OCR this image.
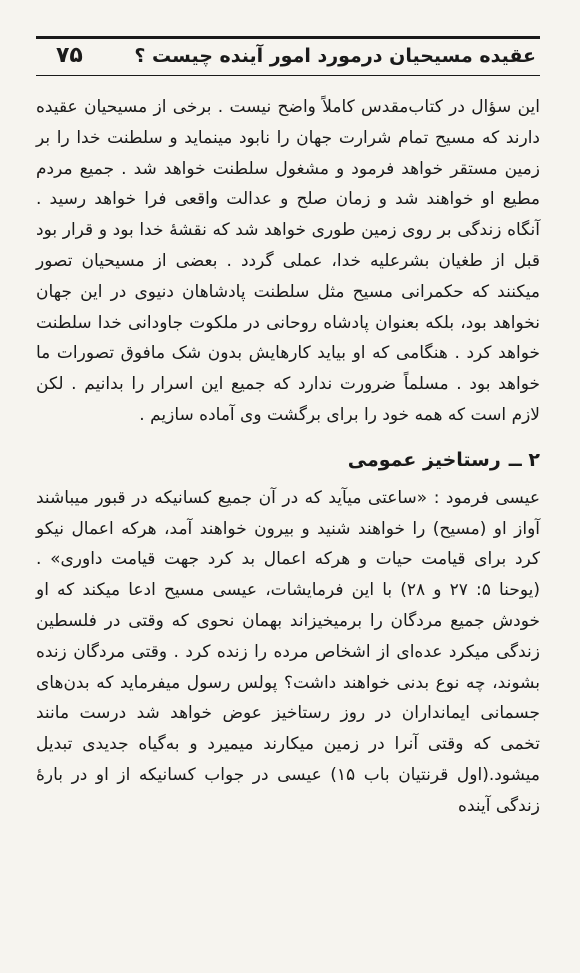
عقیده مسیحیان درمورد امور آینده چیست ؟
۷۵

این سؤال در کتاب‌مقدس کاملاً واضح نیست . برخی از مسیحیان عقیده دارند که مسیح تمام شرارت جهان را نابود مینماید و سلطنت خدا را بر زمین مستقر خواهد فرمود و مشغول سلطنت خواهد شد . جمیع مردم مطیع او خواهند شد و زمان صلح و عدالت واقعی فرا خواهد رسید . آنگاه زندگی بر روی زمین طوری خواهد شد که نقشهٔ خدا بود و قرار بود قبل از طغیان بشرعلیه خدا، عملی گردد . بعضی از مسیحیان تصور میکنند که حکمرانی مسیح مثل سلطنت پادشاهان دنیوی در این جهان نخواهد بود، بلکه بعنوان پادشاه روحانی در ملکوت جاودانی خدا سلطنت خواهد کرد . هنگامی که او بیاید کارهایش بدون شک مافوق تصورات ما خواهد بود . مسلماً ضرورت ندارد که جمیع این اسرار را بدانیم . لکن لازم است که همه خود را برای برگشت وی آماده سازیم .

۲ ــرستاخیز عمومی

عیسی فرمود : «ساعتی میآید که در آن جمیع کسانیکه در قبور میباشند آواز او (مسیح) را خواهند شنید و بیرون خواهند آمد، هرکه اعمال نیکو کرد برای قیامت حیات و هرکه اعمال بد کرد جهت قیامت داوری» .(یوحنا ۵: ۲۷ و ۲۸) با این فرمایشات، عیسی مسیح ادعا میکند که او خودش جمیع مردگان را برمیخیزاند بهمان نحوی که وقتی در فلسطین زندگی میکرد عده‌ای از اشخاص مرده را زنده کرد . وقتی مردگان زنده بشوند، چه نوع بدنی خواهند داشت؟ پولس رسول میفرماید که بدن‌های جسمانی ایمانداران در روز رستاخیز عوض خواهد شد درست مانند تخمی که وقتی آنرا در زمین میکارند میمیرد و به‌گیاه جدیدی تبدیل میشود.(اول قرنتیان باب ۱۵) عیسی در جواب کسانیکه از او در بارهٔ زندگی آینده
